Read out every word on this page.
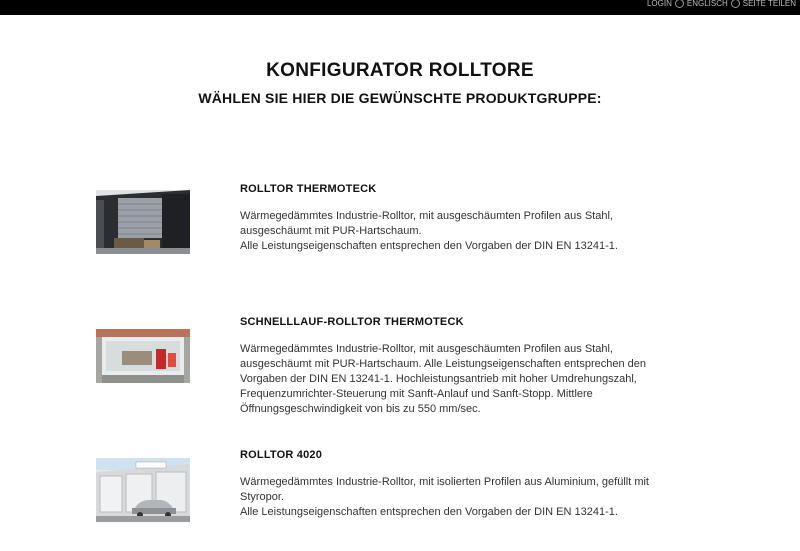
LOGIN ENGLISCH SEITE TEILEN
KONFIGURATOR ROLLTORE
WÄHLEN SIE HIER DIE GEWÜNSCHTE PRODUKTGRUPPE:

ROLLTOR THERMOTECK

Wärmegedämmtes Industrie-Rolltor, mit ausgeschäumten Profilen aus Stahl, ausgeschäumt mit PUR-Hartschaum.
Alle Leistungseigenschaften entsprechen den Vorgaben der DIN EN 13241-1.

SCHNELLLAUF-ROLLTOR THERMOTECK

Wärmegedämmtes Industrie-Rolltor, mit ausgeschäumten Profilen aus Stahl, ausgeschäumt mit PUR-Hartschaum. Alle Leistungseigenschaften entsprechen den Vorgaben der DIN EN 13241-1. Hochleistungsantrieb mit hoher Umdrehungszahl, Frequenzumrichter-Steuerung mit Sanft-Anlauf und Sanft-Stopp. Mittlere Öffnungsgeschwindigkeit von bis zu 550 mm/sec.

ROLLTOR 4020

Wärmegedämmtes Industrie-Rolltor, mit isolierten Profilen aus Aluminium, gefüllt mit Styropor.
Alle Leistungseigenschaften entsprechen den Vorgaben der DIN EN 13241-1.
